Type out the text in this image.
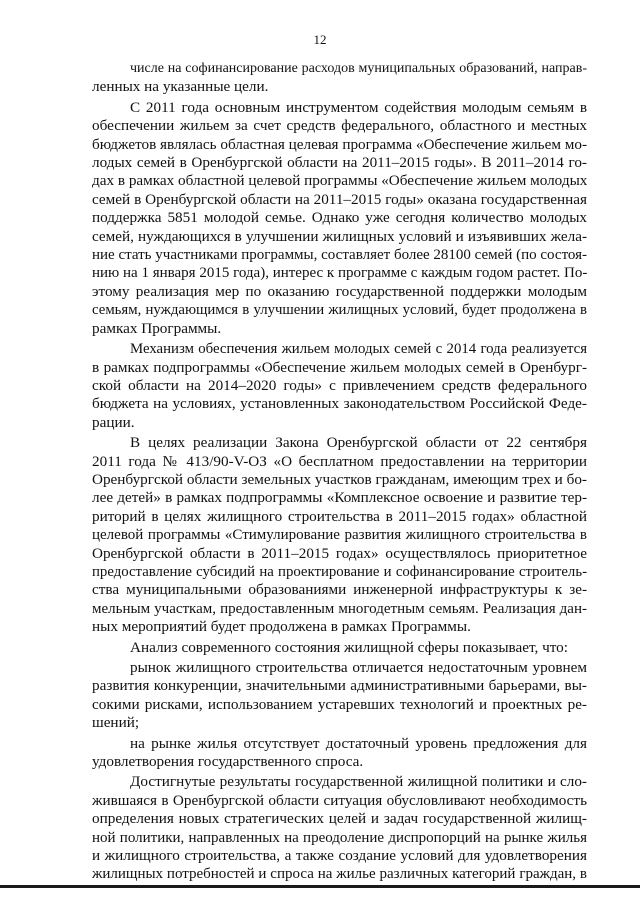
12
числе на софинансирование расходов муниципальных образований, направ-
ленных на указанные цели.
С 2011 года основным инструментом содействия молодым семьям в
обеспечении жильем за счет средств федерального, областного и местных
бюджетов являлась областная целевая программа «Обеспечение жильем мо-
лодых семей в Оренбургской области на 2011–2015 годы». В 2011–2014 го-
дах в рамках областной целевой программы «Обеспечение жильем молодых
семей в Оренбургской области на 2011–2015 годы» оказана государственная
поддержка 5851 молодой семье. Однако уже сегодня количество молодых
семей, нуждающихся в улучшении жилищных условий и изъявивших жела-
ние стать участниками программы, составляет более 28100 семей (по состоя-
нию на 1 января 2015 года), интерес к программе с каждым годом растет. По-
этому реализация мер по оказанию государственной поддержки молодым
семьям, нуждающимся в улучшении жилищных условий, будет продолжена в
рамках Программы.
Механизм обеспечения жильем молодых семей с 2014 года реализуется
в рамках подпрограммы «Обеспечение жильем молодых семей в Оренбург-
ской области на 2014–2020 годы» с привлечением средств федерального
бюджета на условиях, установленных законодательством Российской Феде-
рации.
В целях реализации Закона Оренбургской области от 22 сентября
2011 года № 413/90-V-ОЗ «О бесплатном предоставлении на территории
Оренбургской области земельных участков гражданам, имеющим трех и бо-
лее детей» в рамках подпрограммы «Комплексное освоение и развитие тер-
риторий в целях жилищного строительства в 2011–2015 годах» областной
целевой программы «Стимулирование развития жилищного строительства в
Оренбургской области в 2011–2015 годах» осуществлялось приоритетное
предоставление субсидий на проектирование и софинансирование строитель-
ства муниципальными образованиями инженерной инфраструктуры к зе-
мельным участкам, предоставленным многодетным семьям. Реализация дан-
ных мероприятий будет продолжена в рамках Программы.
Анализ современного состояния жилищной сферы показывает, что:
рынок жилищного строительства отличается недостаточным уровнем
развития конкуренции, значительными административными барьерами, вы-
сокими рисками, использованием устаревших технологий и проектных ре-
шений;
на рынке жилья отсутствует достаточный уровень предложения для
удовлетворения государственного спроса.
Достигнутые результаты государственной жилищной политики и сло-
жившаяся в Оренбургской области ситуация обусловливают необходимость
определения новых стратегических целей и задач государственной жилищ-
ной политики, направленных на преодоление диспропорций на рынке жилья
и жилищного строительства, а также создание условий для удовлетворения
жилищных потребностей и спроса на жилье различных категорий граждан, в
